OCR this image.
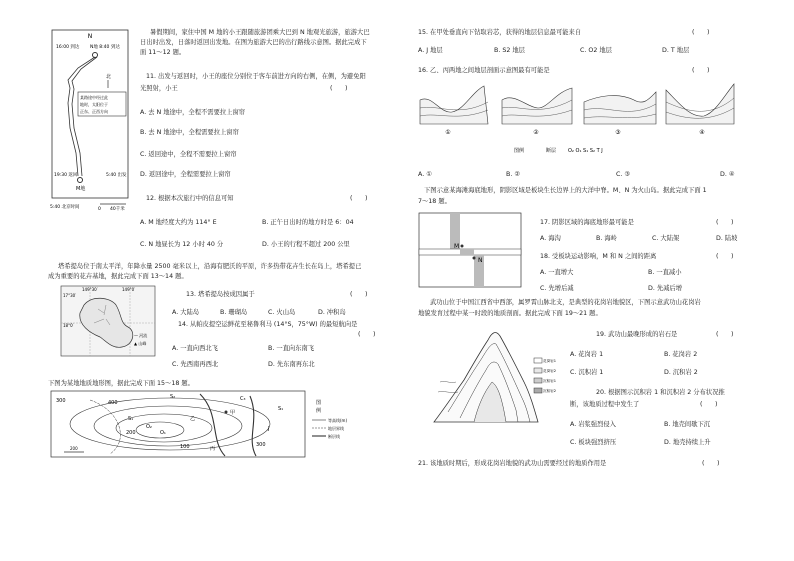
N
16:00 到达 N地 8:40 到达
北
某路途中经过此
地时，太阳位于
正东、正西方向
19:30 返回	5:40 出发
M地
5:40 北京时间	0 40千米
暑假期间，家住中国 M 地的小王跟随旅游团乘大巴到 N 地观光旅游，旅游大巴
日出时出发，日落时返回出发地。在图为旅游大巴的出行路线示意图。据此完成下
面 11～12 题。
11. 出发与返回时，小王的座位分别位于客车前进方向的右侧，在侧，为避免阳
光照射，小王	(　　)
A. 去 N 地途中，全程不需要拉上窗帘
B. 去 N 地途中，全程需要拉上窗帘
C. 返回途中，全程不需要拉上窗帘
D. 返回途中，全程需要拉上窗帘
12. 根据本次旅行中的信息可知	(　　)
A. M 地经度大约为 114° E	B. 正午日出时的地方时是 6：04
C. N 地昼长为 12 小时 40 分	D. 小王的行程不超过 200 公里
塔希提岛位于南太平洋，年降水量 2500 毫米以上，沿海有肥沃的平原，许多热带花卉生长在岛上，塔希提已
成为重要的花卉基地，据此完成下面 13～14 题。
149°30′	149°0′
17°30′
18°0′
— 河流
▲ 山峰
13. 塔希提岛按成因属于	(　　)
A. 大陆岛	B. 珊瑚岛	C. 火山岛	D. 冲积岛
14. 从帕皮提空运鲜花至秘鲁利马 (14°S，75°W) 的最短航向是
(　　)
A. 一直向西北飞	B. 一直向东南飞
C. 先西南再西北	D. 先东南再东北
下图为某地地质地形图，据此完成下面 15～18 题。
300	400
S₂
S₁
O₂
O₁
200
甲
C₃
J
S₁
丙
乙
300
100
200
图
例
等高线(m)
地层界线
断层线
15. 在甲处垂直向下钻取岩芯，获得的地层信息最可能来自	(　　)
A. J 地层	B. S2 地层	C. O2 地层	D. T 地层
16. 乙、丙两地之间地层剖面示意图最有可能是	(　　)
①	②	③	④
图例	断层 O₂ O₁ S₁ S₂ T J
A. ①	B. ②	C. ③	D. ④
下图示意某海滩海底地形，阴影区域是板块生长边界上的大洋中脊。M、N 为火山岛。据此完成下面 1
7～18 题。
M
N
17. 阴影区域的海底地形最可能是	(　　)
A. 海沟	B. 海岭	C. 大陆架	D. 陆坡
18. 受板块运动影响，M 和 N 之间的距离	(　　)
A. 一直增大	B. 一直减小
C. 先增后减	D. 先减后增
武功山位于中国江西省中西部，属罗霄山脉北支，是典型的花岗岩地貌区，下图示意武功山花岗岩
地貌发育过程中某一时段的地质剖面。据此完成下面 19～21 题。
花岗岩1
花岗岩2
沉积岩1
沉积岩2
19. 武功山最晚形成的岩石是	(　　)
A. 花岗岩 1	B. 花岗岩 2
C. 沉积岩 1	D. 沉积岩 2
20. 根据图示沉积岩 1 和沉积岩 2 分布状况推
断，该地质过程中发生了	(　　)
A. 岩浆强烈侵入	B. 地壳间歇下沉
C. 板块强烈挤压	D. 地壳持续上升
21. 该地质时期后，形成花岗岩地貌的武功山需要经过的地质作用是	(　　)
